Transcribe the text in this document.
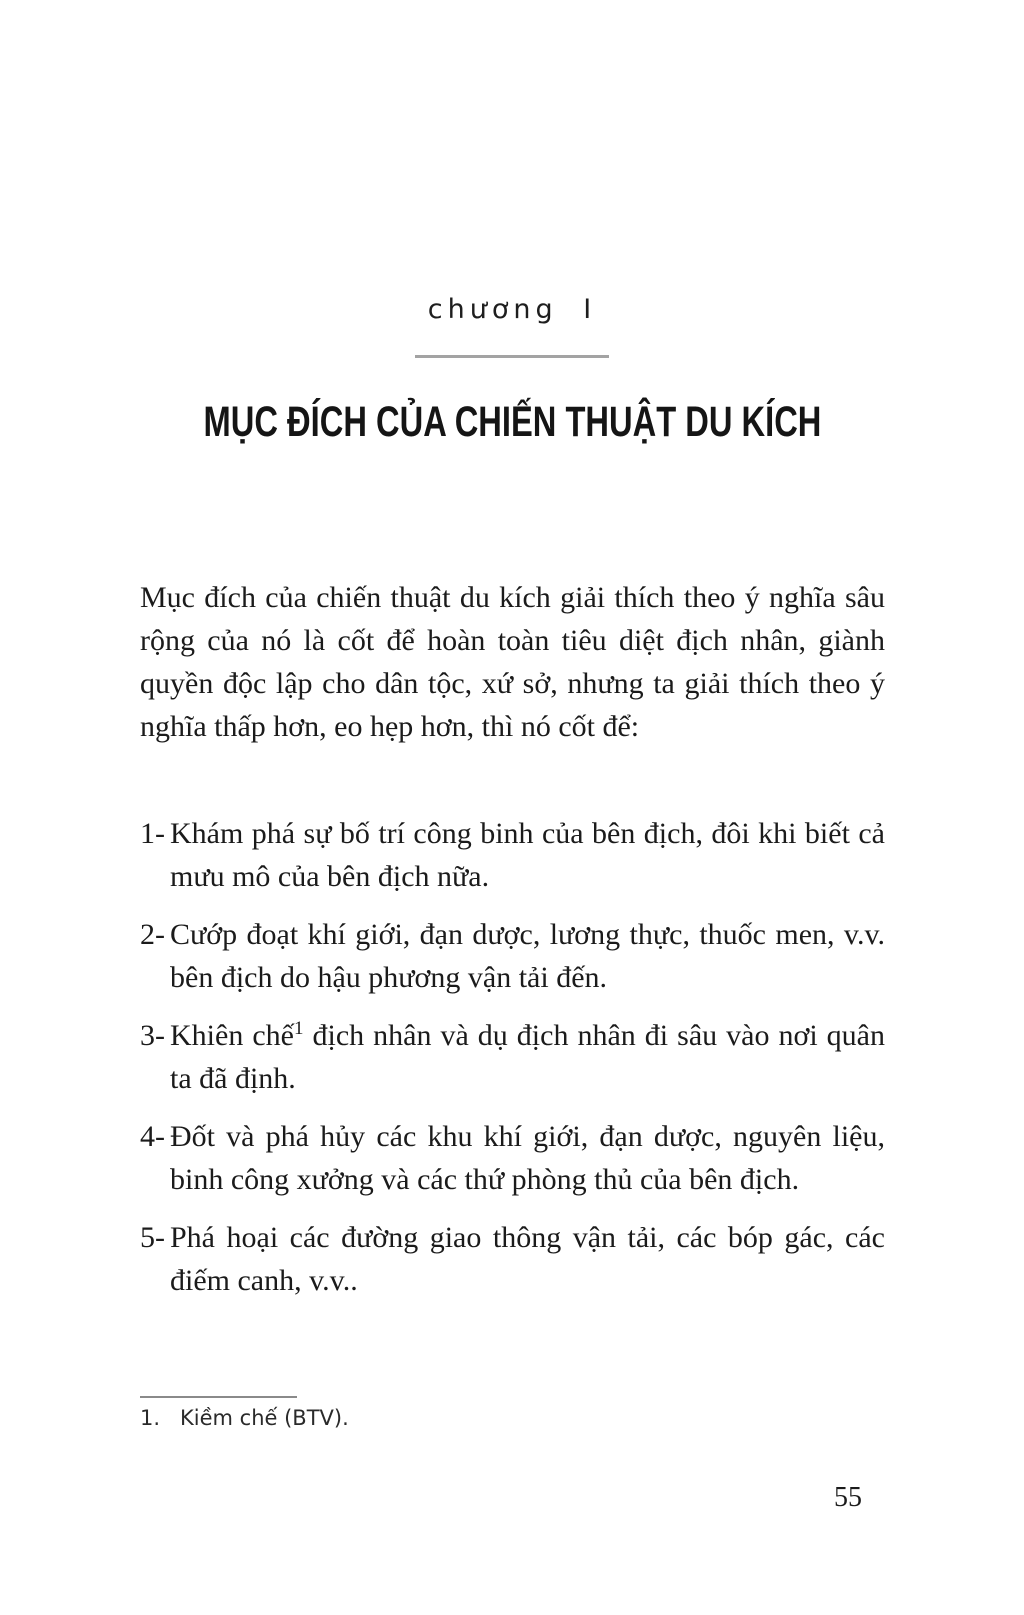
chương I
MỤC ĐÍCH CỦA CHIẾN THUẬT DU KÍCH

Mục đích của chiến thuật du kích giải thích theo ý nghĩa sâu rộng của nó là cốt để hoàn toàn tiêu diệt địch nhân, giành quyền độc lập cho dân tộc, xứ sở, nhưng ta giải thích theo ý nghĩa thấp hơn, eo hẹp hơn, thì nó cốt để:

1- Khám phá sự bố trí công binh của bên địch, đôi khi biết cả mưu mô của bên địch nữa.
2- Cướp đoạt khí giới, đạn dược, lương thực, thuốc men, v.v. bên địch do hậu phương vận tải đến.
3- Khiên chế$^1$ địch nhân và dụ địch nhân đi sâu vào nơi quân ta đã định.
4- Đốt và phá hủy các khu khí giới, đạn dược, nguyên liệu, binh công xưởng và các thứ phòng thủ của bên địch.
5- Phá hoại các đường giao thông vận tải, các bóp gác, các điếm canh, v.v..
1. Kiềm chế (BTV).
55
